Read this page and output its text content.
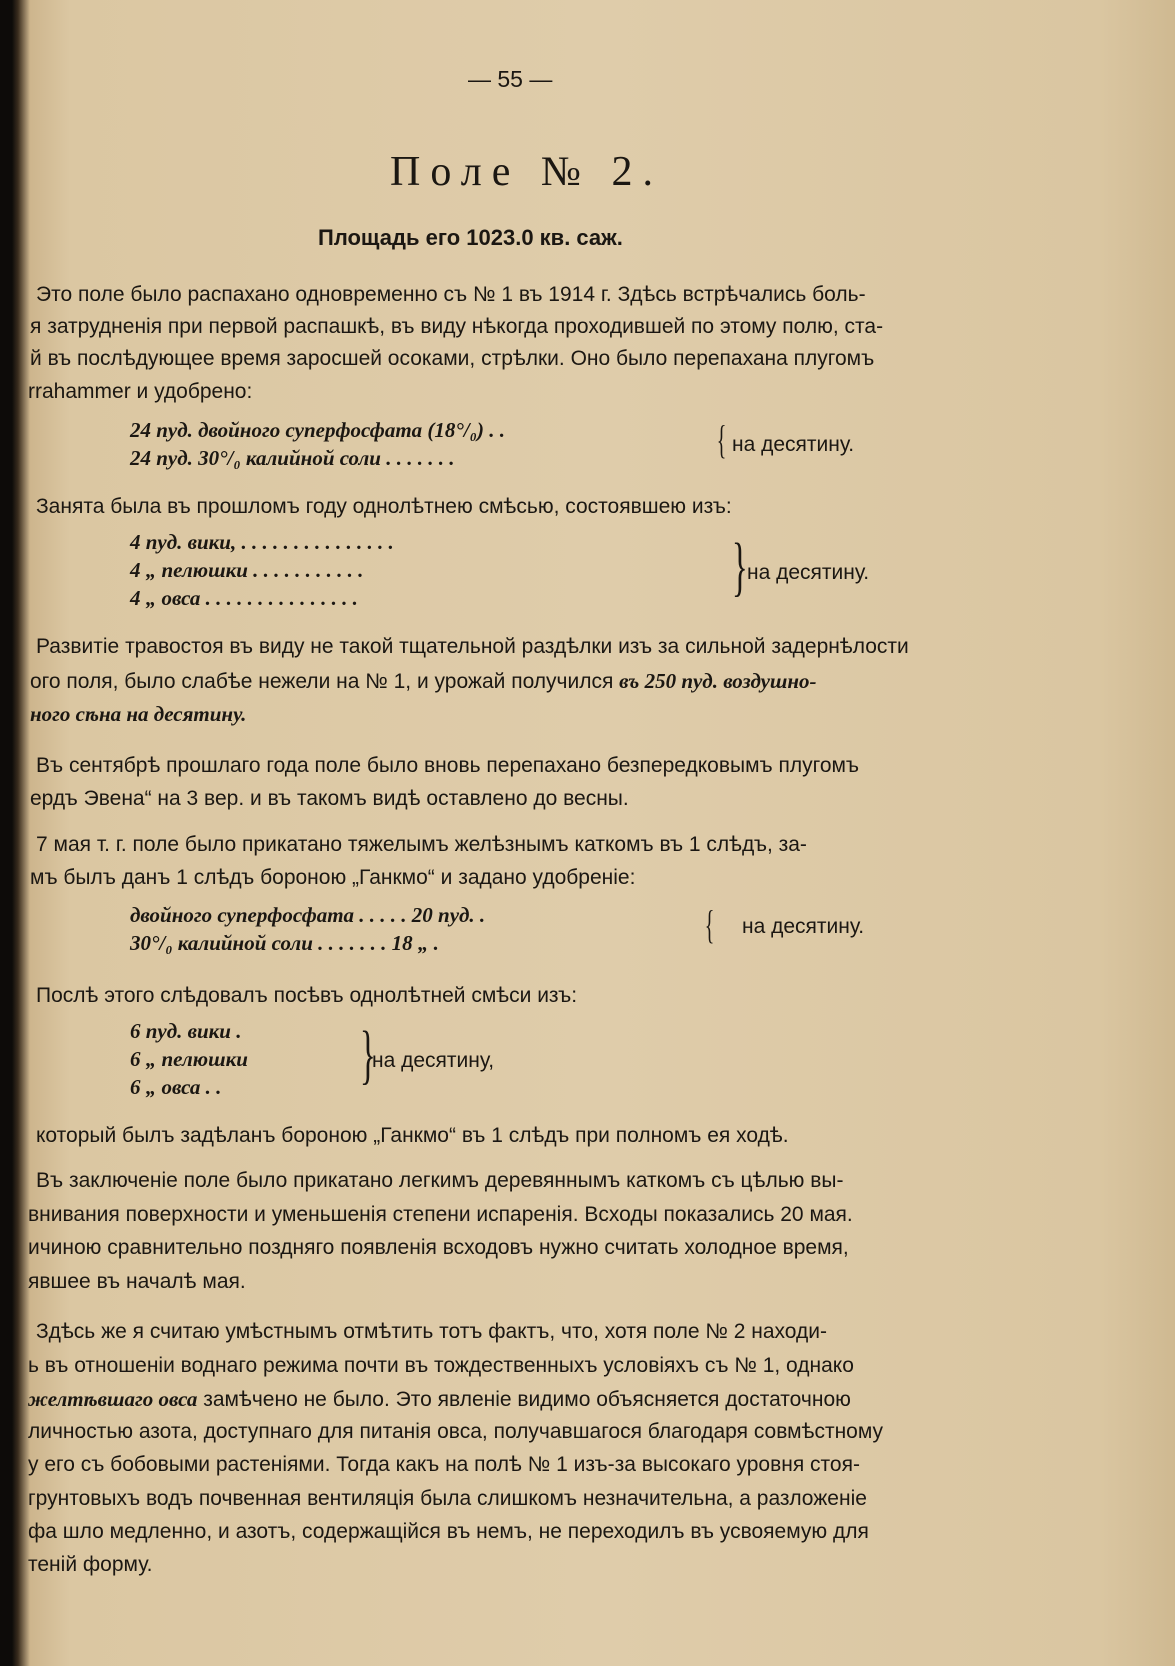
— 55 —
Поле № 2.
Площадь его 1023.0 кв. саж.
Это поле было распахано одновременно съ № 1 въ 1914 г. Здѣсь встрѣчались боль-
я затрудненія при первой распашкѣ, въ виду нѣкогда проходившей по этому полю, ста-
й въ послѣдующее время заросшей осоками, стрѣлки. Оно было перепахана плугомъ
rrahammer и удобрено:
24 пуд. двойного суперфосфата (18°/₀) . .
24 пуд. 30°/₀ калийной соли . . . . . . .	{ на десятину.
Занята была въ прошломъ году однолѣтнею смѣсью, состоявшею изъ:
4 пуд. вики, . . . . . . . . . . . . . . .
4 „ пелюшки . . . . . . . . . . .
4 „ овса . . . . . . . . . . . . . . .	} на десятину.
Развитіе травостоя въ виду не такой тщательной раздѣлки изъ за сильной задернѣлости
ого поля, было слабѣе нежели на № 1, и урожай получился въ 250 пуд. воздушно-
ного сѣна на десятину.
Въ сентябрѣ прошлаго года поле было вновь перепахано безпередковымъ плугомъ
ердъ Эвена“ на 3 вер. и въ такомъ видѣ оставлено до весны.
7 мая т. г. поле было прикатано тяжелымъ желѣзнымъ каткомъ въ 1 слѣдъ, за-
мъ былъ данъ 1 слѣдъ бороною „Ганкмо“ и задано удобреніе:
двойного суперфосфата . . . . . 20 пуд. .
30°/₀ калийной соли . . . . . . . 18 „ .	{ на десятину.
Послѣ этого слѣдовалъ посѣвъ однолѣтней смѣси изъ:
6 пуд. вики .
6 „ пелюшки
6 „ овса . . }
на десятину,
который былъ задѣланъ бороною „Ганкмо“ въ 1 слѣдъ при полномъ ея ходѣ.
Въ заключеніе поле было прикатано легкимъ деревяннымъ каткомъ съ цѣлью вы-
внивания поверхности и уменьшенія степени испаренія. Всходы показались 20 мая.
ичиною сравнительно поздняго появленія всходовъ нужно считать холодное время,
явшее въ началѣ мая.
Здѣсь же я считаю умѣстнымъ отмѣтить тотъ фактъ, что, хотя поле № 2 находи-
ь въ отношеніи воднаго режима почти въ тождественныхъ условіяхъ съ № 1, однако
желтѣвшаго овса замѣчено не было. Это явленіе видимо объясняется достаточною
личностью азота, доступнаго для питанія овса, получавшагося благодаря совмѣстному
у его съ бобовыми растеніями. Тогда какъ на полѣ № 1 изъ-за высокаго уровня стоя-
грунтовыхъ водъ почвенная вентиляція была слишкомъ незначительна, а разложеніе
фа шло медленно, и азотъ, содержащійся въ немъ, не переходилъ въ усвояемую для
теній форму.
